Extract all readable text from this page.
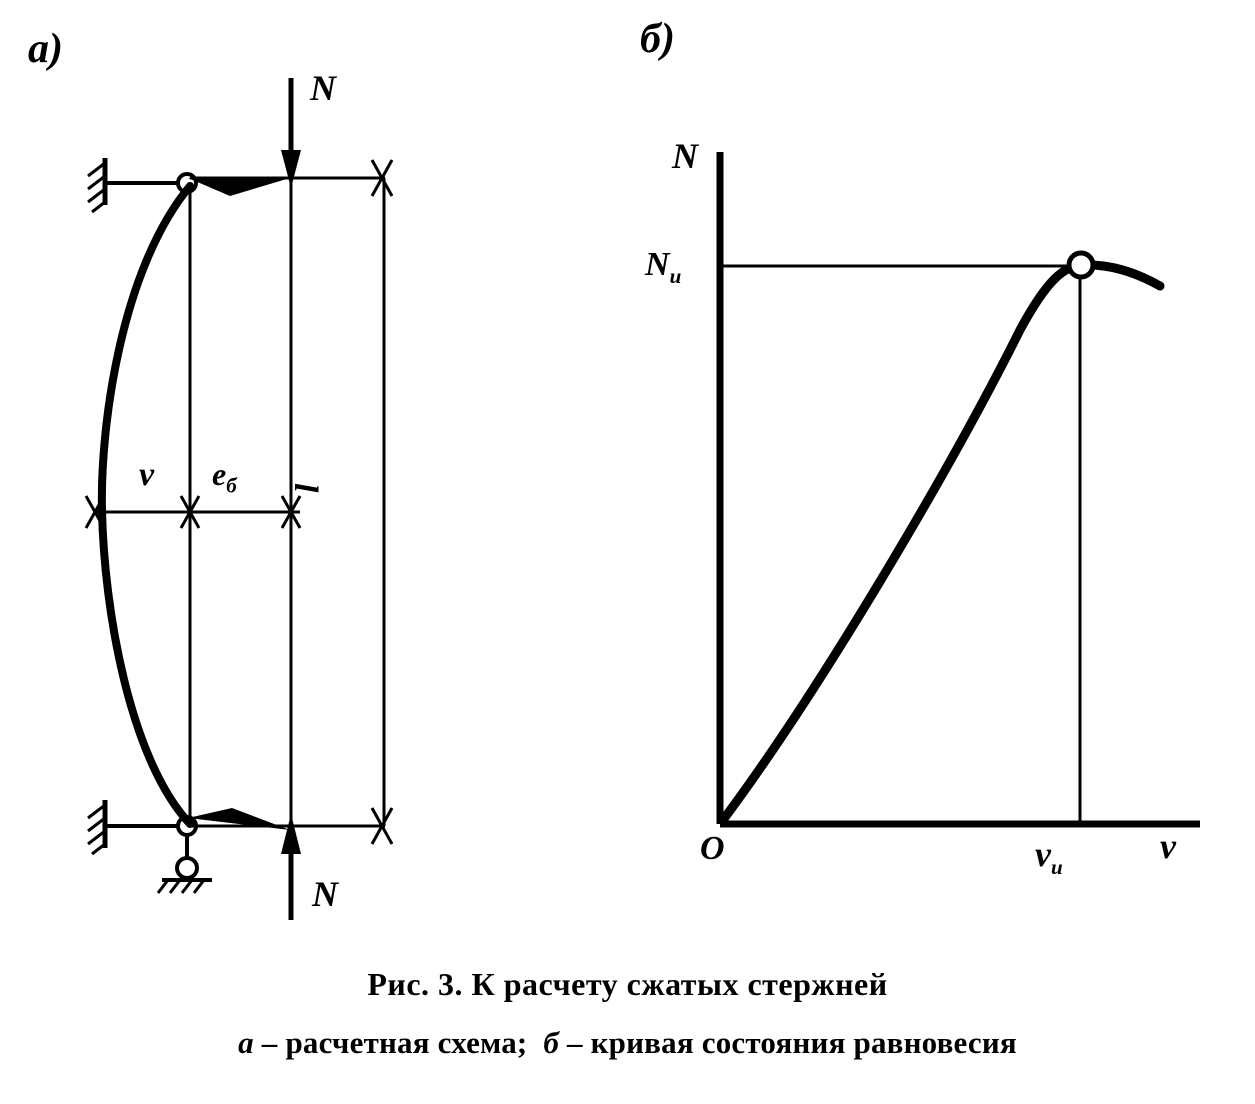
a)
N
N
v $e_б$ l
б)
N
$N_u$
O	$v_u$
v
Рис. 3. К расчету сжатых стержней
a – расчетная схема;  б – кривая состояния равновесия
